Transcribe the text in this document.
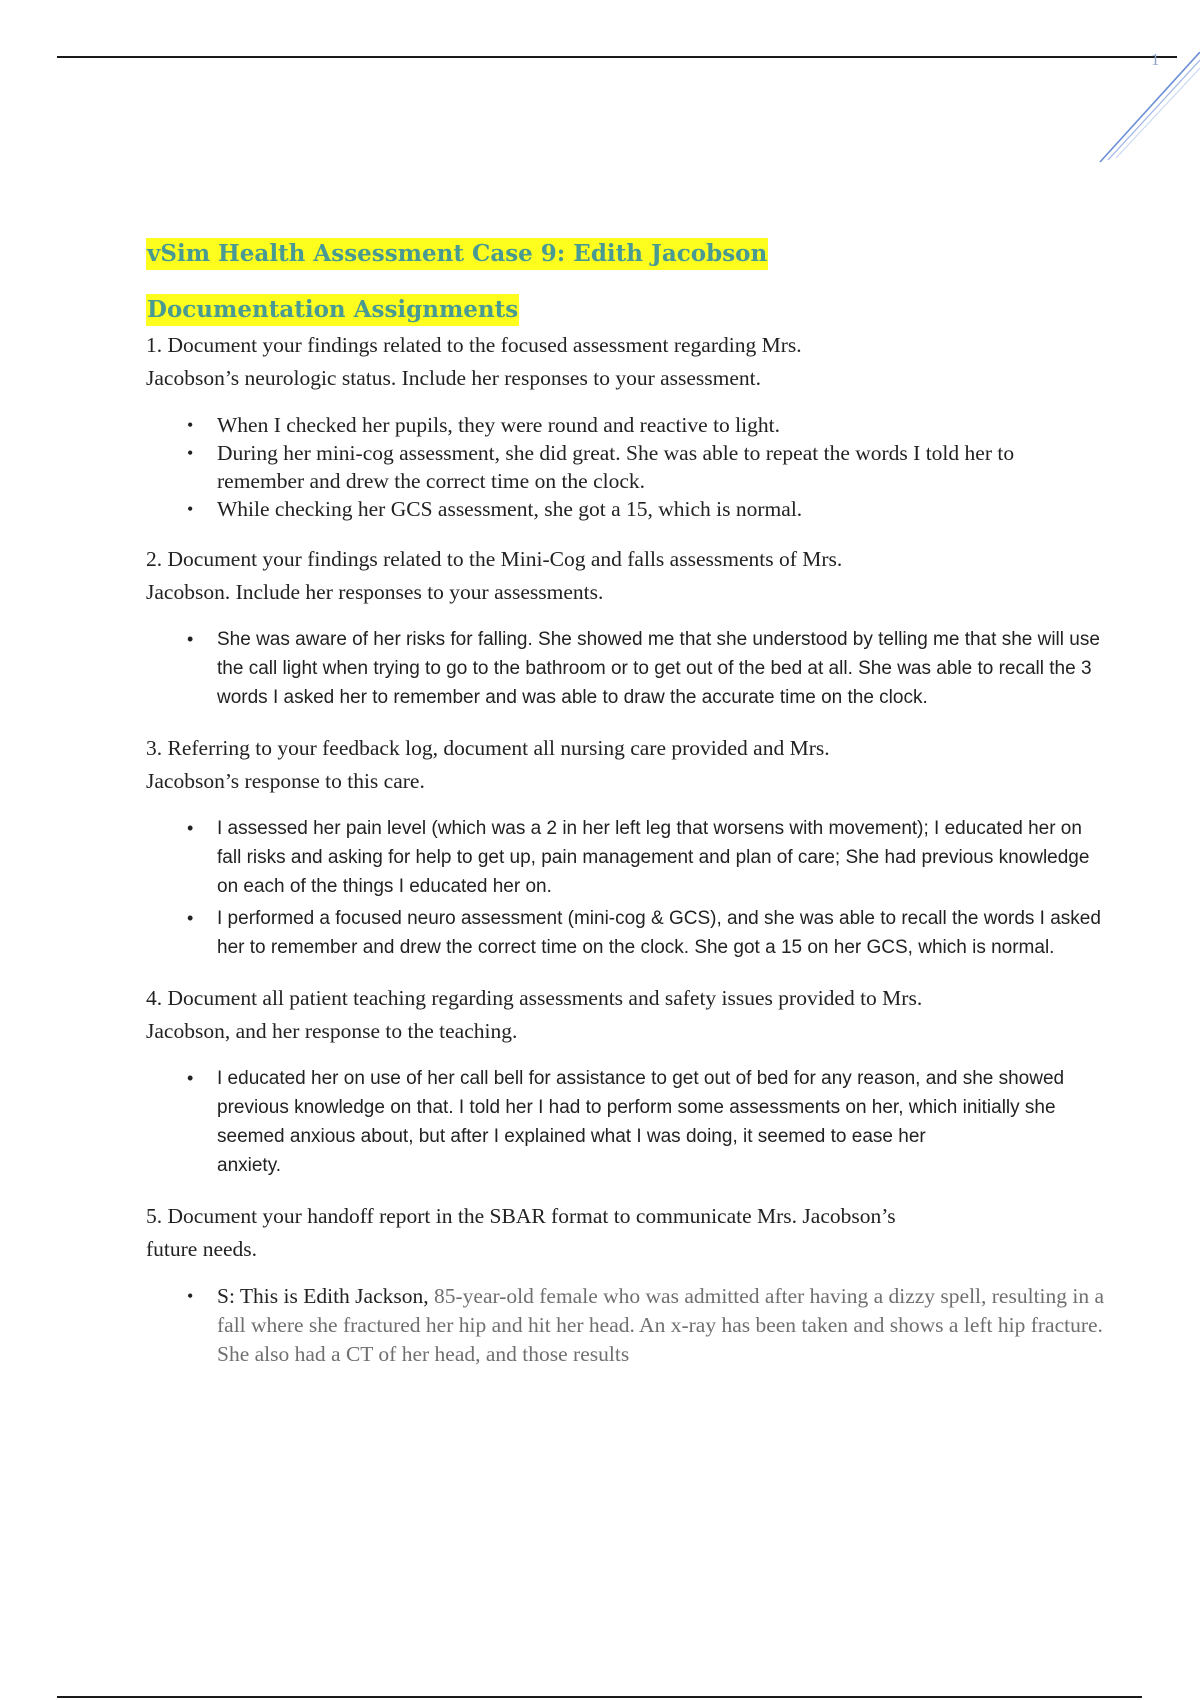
1
vSim Health Assessment Case 9: Edith Jacobson
Documentation Assignments
1. Document your findings related to the focused assessment regarding Mrs.
Jacobson’s neurologic status. Include her responses to your assessment.
• When I checked her pupils, they were round and reactive to light.
• During her mini-cog assessment, she did great. She was able to repeat the words I told her to remember and drew the correct time on the clock.
• While checking her GCS assessment, she got a 15, which is normal.
2. Document your findings related to the Mini-Cog and falls assessments of Mrs.
Jacobson. Include her responses to your assessments.
• She was aware of her risks for falling. She showed me that she understood by telling me that she will use the call light when trying to go to the bathroom or to get out of the bed at all. She was able to recall the 3 words I asked her to remember and was able to draw the accurate time on the clock.
3. Referring to your feedback log, document all nursing care provided and Mrs.
Jacobson’s response to this care.
• I assessed her pain level (which was a 2 in her left leg that worsens with movement); I educated her on fall risks and asking for help to get up, pain management and plan of care; She had previous knowledge on each of the things I educated her on.
• I performed a focused neuro assessment (mini-cog & GCS), and she was able to recall the words I asked her to remember and drew the correct time on the clock. She got a 15 on her GCS, which is normal.
4. Document all patient teaching regarding assessments and safety issues provided to Mrs.
Jacobson, and her response to the teaching.
• I educated her on use of her call bell for assistance to get out of bed for any reason, and she showed previous knowledge on that. I told her I had to perform some assessments on her, which initially she seemed anxious about, but after I explained what I was doing, it seemed to ease her
anxiety.
5. Document your handoff report in the SBAR format to communicate Mrs. Jacobson’s
future needs.
• S: This is Edith Jackson, 85-year-old female who was admitted after having a dizzy spell, resulting in a fall where she fractured her hip and hit her head. An x-ray has been taken and shows a left hip fracture. She also had a CT of her head, and those results
